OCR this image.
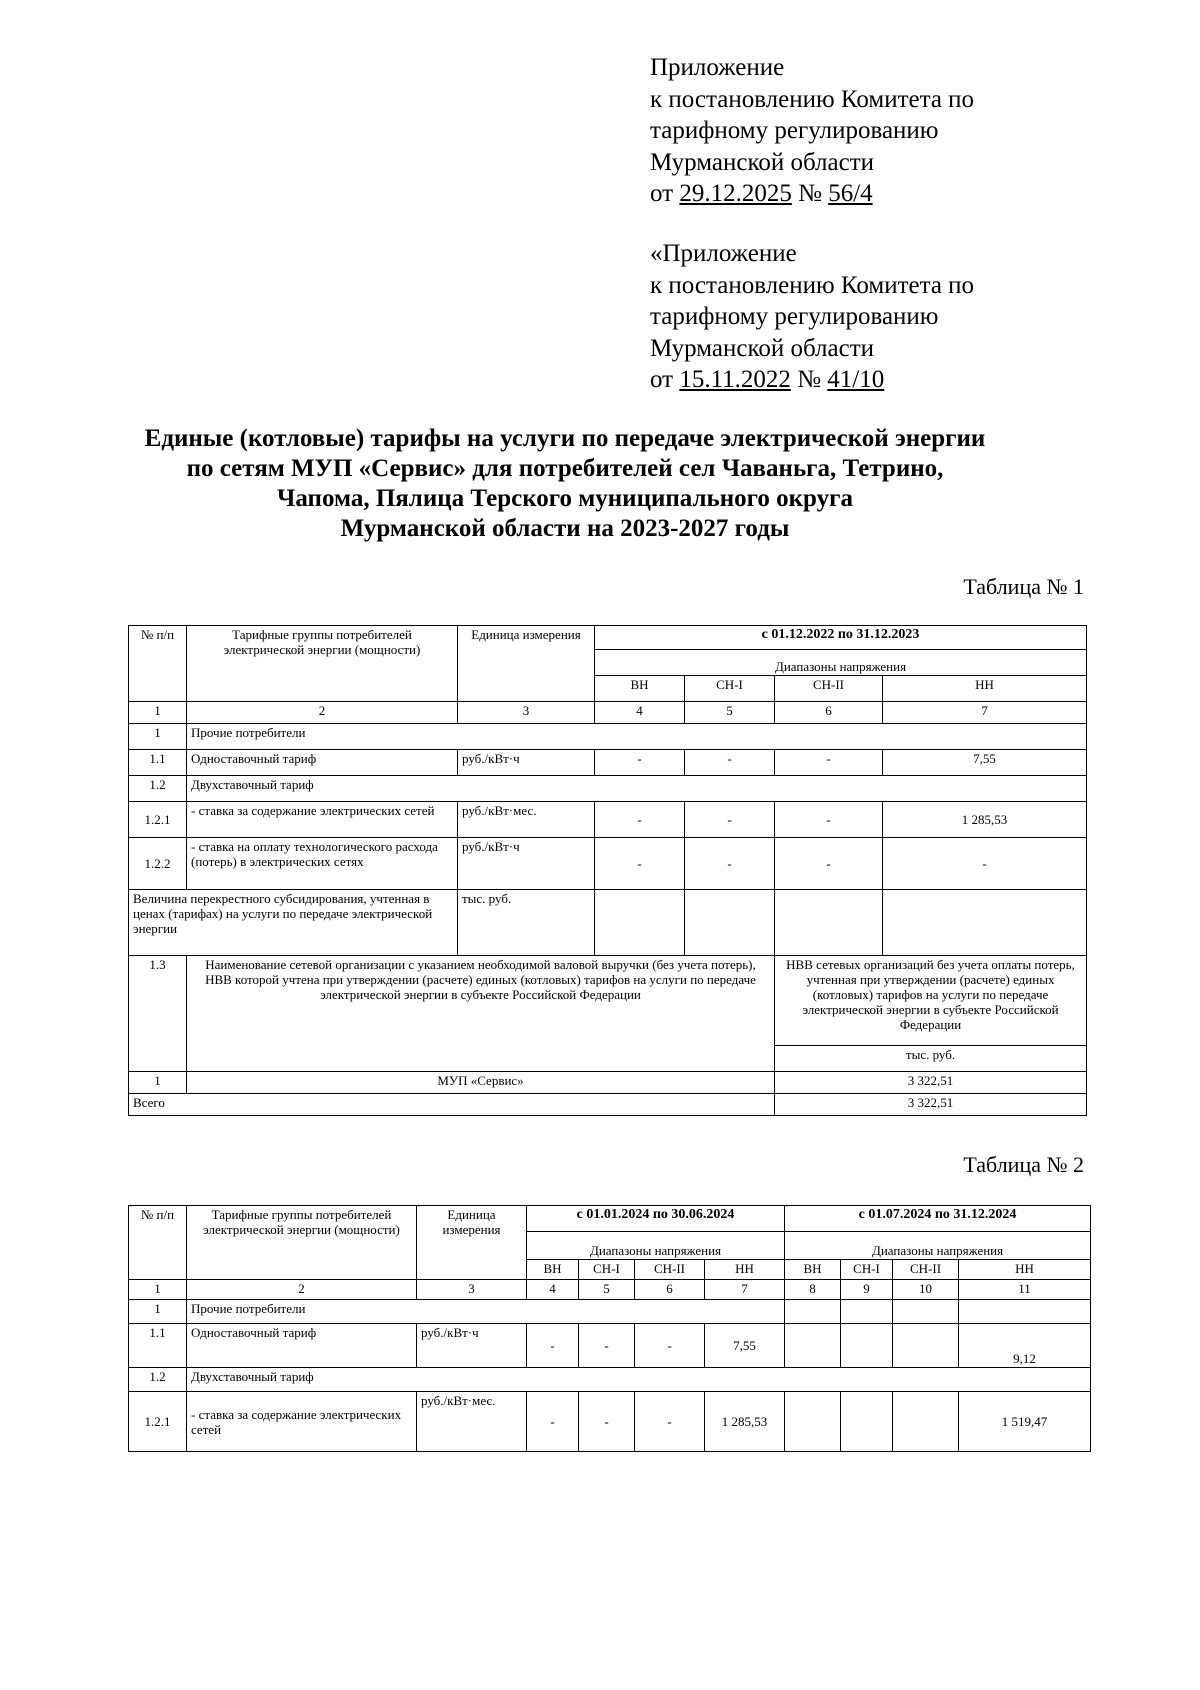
Приложение
к постановлению Комитета по
тарифному регулированию
Мурманской области
от 29.12.2025 № 56/4
«Приложение
к постановлению Комитета по
тарифному регулированию
Мурманской области
от 15.11.2022 № 41/10
Единые (котловые) тарифы на услуги по передаче электрической энергии
по сетям МУП «Сервис» для потребителей сел Чаваньга, Тетрино,
Чапома, Пялица Терского муниципального округа
Мурманской области на 2023-2027 годы
Таблица № 1
№ п/п	Тарифные группы потребителей электрической энергии (мощности)	Единица измерения	с 01.12.2022 по 31.12.2023			
			Диапазоны напряжения			
			ВН	СН-I	СН-II	НН
1	2	3	4	5	6	7
1	Прочие потребители					
1.1	Одноставочный тариф	руб./кВт·ч	-	-	-	7,55
1.2	Двухставочный тариф					
1.2.1	- ставка за содержание электрических сетей	руб./кВт·мес.	-	-	-	1 285,53
1.2.2	- ставка на оплату технологического расхода (потерь) в электрических сетях	руб./кВт·ч	-	-	-	-
Величина перекрестного субсидирования, учтенная в ценах (тарифах) на услуги по передаче электрической энергии		тыс. руб.				
1.3	Наименование сетевой организации с указанием необходимой валовой выручки (без учета потерь), НВВ которой учтена при утверждении (расчете) единых (котловых) тарифов на услуги по передаче электрической энергии в субъекте Российской Федерации				НВВ сетевых организаций без учета оплаты потерь, учтенная при утверждении (расчете) единых (котловых) тарифов на услуги по передаче электрической энергии в субъекте Российской Федерации	
					тыс. руб.	
1	МУП «Сервис»				3 322,51	
Всего					3 322,51	
Таблица № 2
№ п/п	Тарифные группы потребителей электрической энергии (мощности)	Единица измерения	с 01.01.2024 по 30.06.2024				с 01.07.2024 по 31.12.2024			
			Диапазоны напряжения				Диапазоны напряжения			
			ВН	СН-I	СН-II	НН	ВН	СН-I	СН-II	НН
1	2	3	4	5	6	7	8	9	10	11
1	Прочие потребители									
1.1	Одноставочный тариф	руб./кВт·ч	-	-	-	7,55				9,12
1.2	Двухставочный тариф									
1.2.1	- ставка за содержание электрических сетей	руб./кВт·мес.	-	-	-	1 285,53				1 519,47
